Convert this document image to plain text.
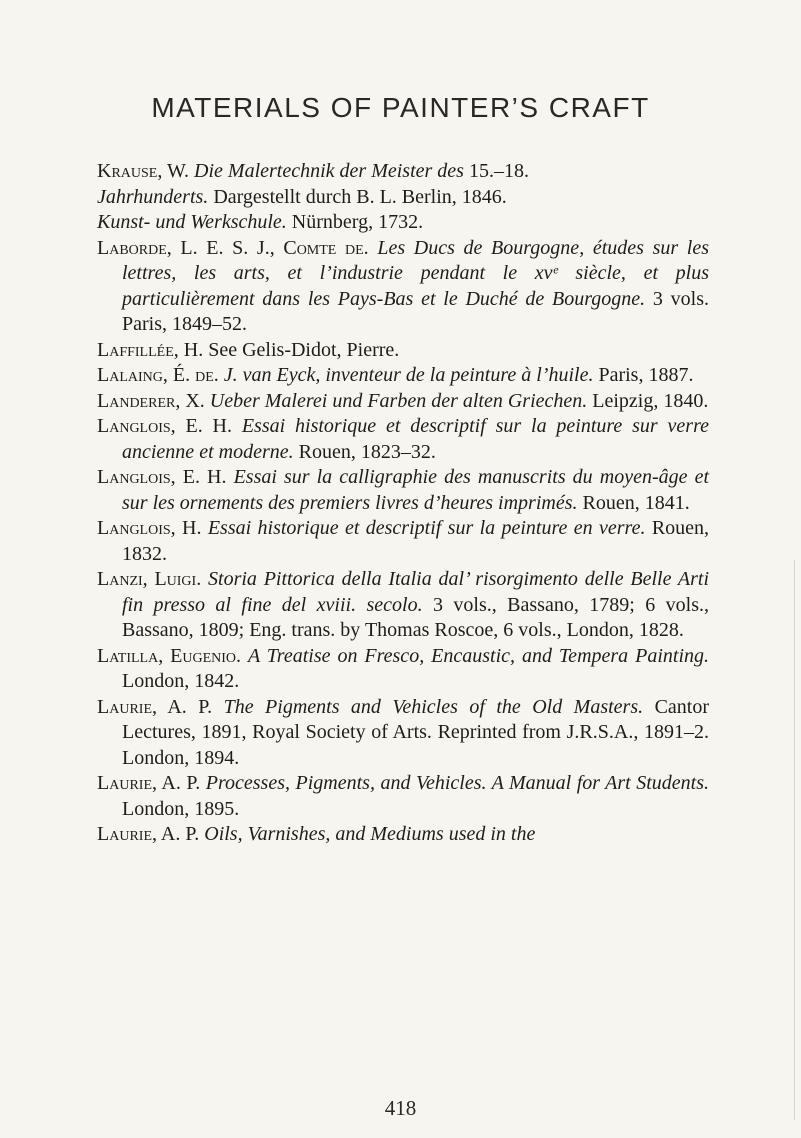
MATERIALS OF PAINTER’S CRAFT
Krause, W. Die Malertechnik der Meister des 15.–18.
Jahrhunderts. Dargestellt durch B. L. Berlin, 1846.
Kunst- und Werkschule. Nürnberg, 1732.
Laborde, L. E. S. J., Comte de. Les Ducs de Bourgogne, études sur les lettres, les arts, et l’industrie pendant le xvᵉ siècle, et plus particulièrement dans les Pays-Bas et le Duché de Bourgogne. 3 vols. Paris, 1849–52.
Laffillée, H. See Gelis-Didot, Pierre.
Lalaing, É. de. J. van Eyck, inventeur de la peinture à l’huile. Paris, 1887.
Landerer, X. Ueber Malerei und Farben der alten Griechen. Leipzig, 1840.
Langlois, E. H. Essai historique et descriptif sur la peinture sur verre ancienne et moderne. Rouen, 1823–32.
Langlois, E. H. Essai sur la calligraphie des manuscrits du moyen-âge et sur les ornements des premiers livres d’heures imprimés. Rouen, 1841.
Langlois, H. Essai historique et descriptif sur la peinture en verre. Rouen, 1832.
Lanzi, Luigi. Storia Pittorica della Italia dal’ risorgimento delle Belle Arti fin presso al fine del xviii. secolo. 3 vols., Bassano, 1789; 6 vols., Bassano, 1809; Eng. trans. by Thomas Roscoe, 6 vols., London, 1828.
Latilla, Eugenio. A Treatise on Fresco, Encaustic, and Tempera Painting. London, 1842.
Laurie, A. P. The Pigments and Vehicles of the Old Masters. Cantor Lectures, 1891, Royal Society of Arts. Reprinted from J.R.S.A., 1891–2. London, 1894.
Laurie, A. P. Processes, Pigments, and Vehicles. A Manual for Art Students. London, 1895.
Laurie, A. P. Oils, Varnishes, and Mediums used in the
418
